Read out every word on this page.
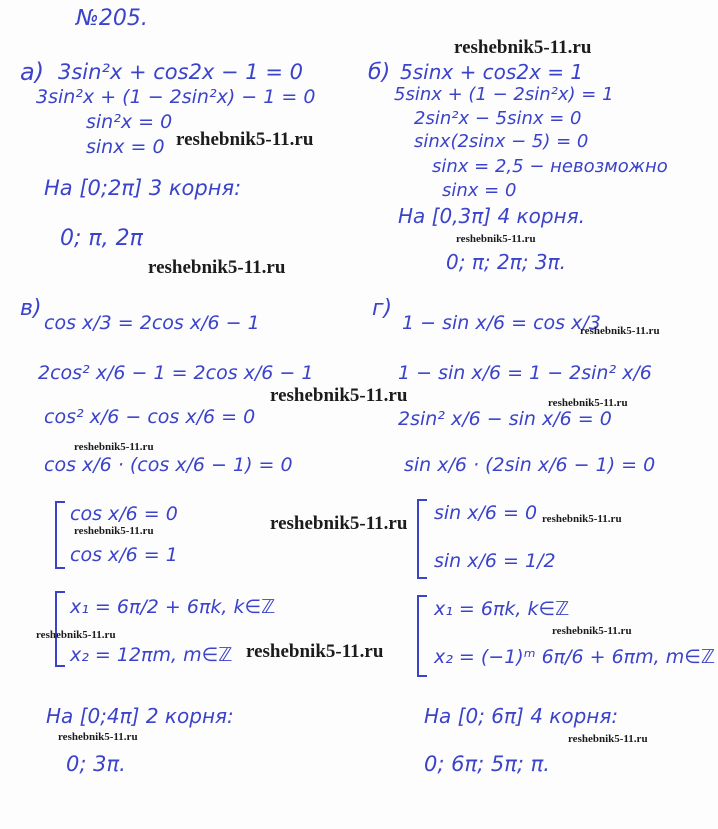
№205.
а) 3sin²x + cos2x − 1 = 0
3sin²x + (1 − 2sin²x) − 1 = 0
sin²x = 0
sinx = 0
На [0;2π] 3 корня:
0; π, 2π
б) 5sinx + cos2x = 1
5sinx + (1 − 2sin²x) = 1
2sin²x − 5sinx = 0
sinx(2sinx − 5) = 0
sinx = 2,5 − невозможно
sinx = 0
На [0,3π] 4 корня.
0; π; 2π; 3π.
в)
cos x/3 = 2cos x/6 − 1
2cos² x/6 − 1 = 2cos x/6 − 1
cos² x/6 − cos x/6 = 0
cos x/6 · (cos x/6 − 1) = 0
cos x/6 = 0
cos x/6 = 1
x₁ = 6π/2 + 6πk, k∈ℤ
x₂ = 12πm, m∈ℤ
На [0;4π] 2 корня:
0; 3π.
г)
1 − sin x/6 = cos x/3
1 − sin x/6 = 1 − 2sin² x/6
2sin² x/6 − sin x/6 = 0
sin x/6 · (2sin x/6 − 1) = 0
sin x/6 = 0
sin x/6 = 1/2
x₁ = 6πk, k∈ℤ
x₂ = (−1)ᵐ 6π/6 + 6πm, m∈ℤ
На [0; 6π] 4 корня:
0; 6π; 5π; π.
reshebnik5-11.ru
reshebnik5-11.ru
reshebnik5-11.ru
reshebnik5-11.ru
reshebnik5-11.ru
reshebnik5-11.ru	reshebnik5-11.ru
reshebnik5-11.ru
reshebnik5-11.ru	reshebnik5-11.ru
reshebnik5-11.ru
reshebnik5-11.ru
reshebnik5-11.ru
reshebnik5-11.ru
reshebnik5-11.ru	reshebnik5-11.ru
